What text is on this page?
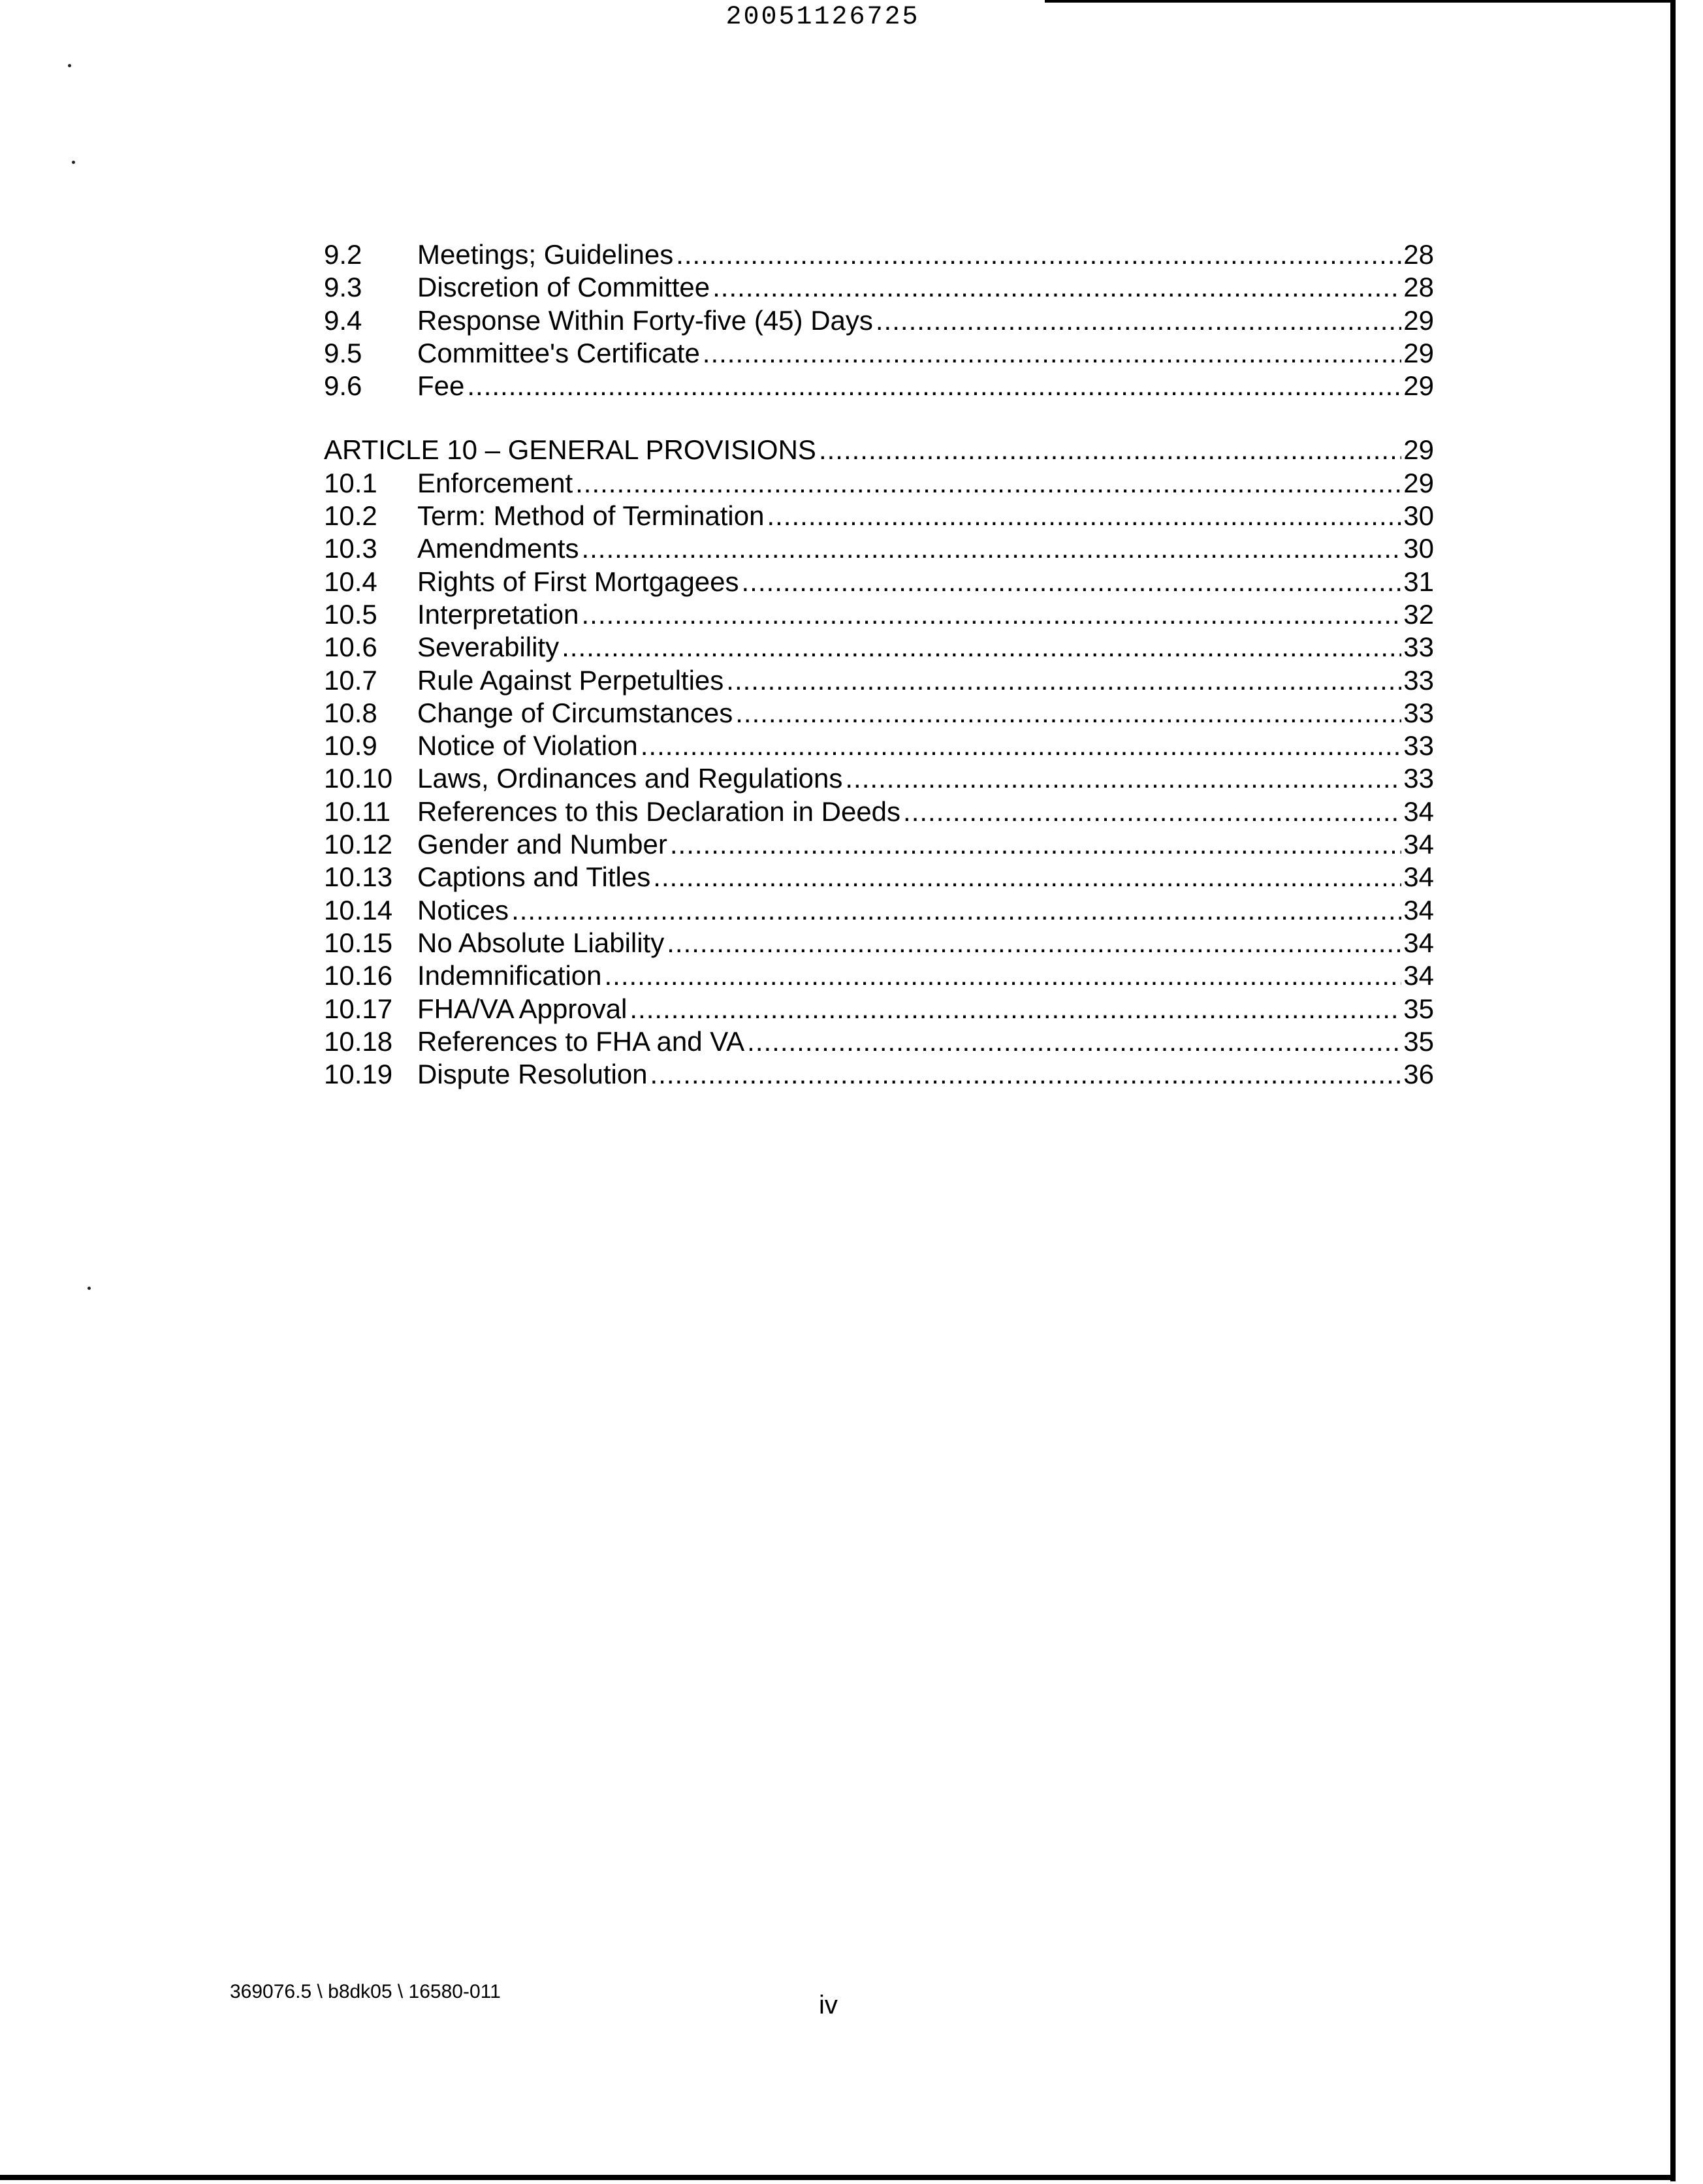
20051126725
9.2	Meetings; Guidelines .....	28
9.3	Discretion of Committee .....	28
9.4	Response Within Forty-five (45) Days .....	29
9.5	Committee's Certificate .....	29
9.6	Fee .....	29
ARTICLE 10 – GENERAL PROVISIONS .....	29
10.1	Enforcement .....	29
10.2	Term: Method of Termination .....	30
10.3	Amendments .....	30
10.4	Rights of First Mortgagees .....	31
10.5	Interpretation .....	32
10.6	Severability .....	33
10.7	Rule Against Perpetulties .....	33
10.8	Change of Circumstances .....	33
10.9	Notice of Violation .....	33
10.10 Laws, Ordinances and Regulations .....	33
10.11 References to this Declaration in Deeds .....	34
10.12 Gender and Number .....	34
10.13 Captions and Titles .....	34
10.14 Notices .....	34
10.15 No Absolute Liability .....	34
10.16 Indemnification .....	34
10.17 FHA/VA Approval .....	35
10.18 References to FHA and VA .....	35
10.19 Dispute Resolution .....	36
369076.5 \ b8dk05 \ 16580-011	iv
